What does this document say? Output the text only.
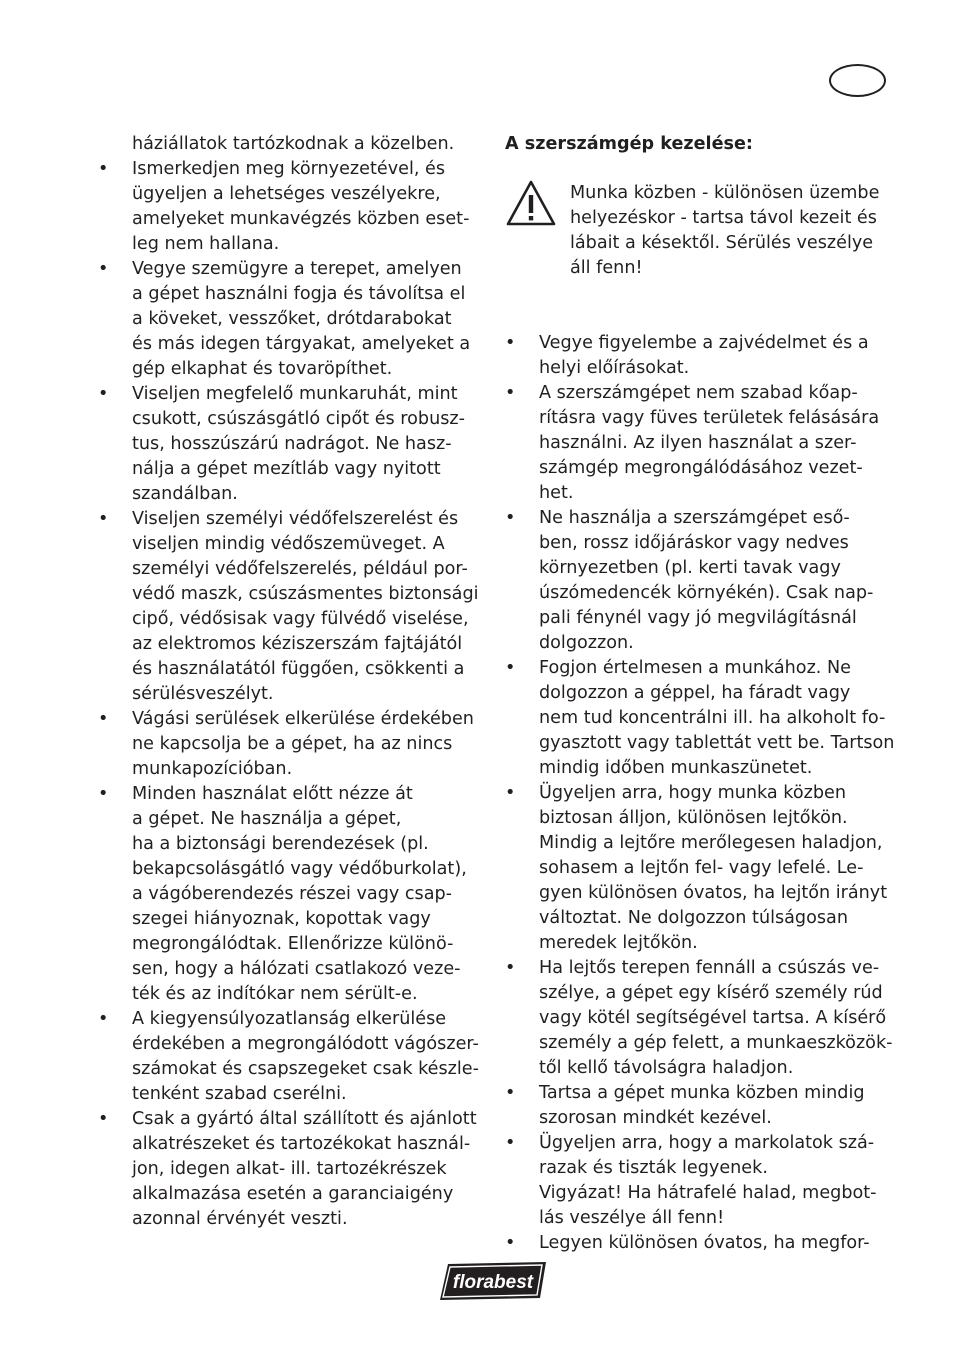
háziállatok tartózkodnak a közelben.
• Ismerkedjen meg környezetével, és
ügyeljen a lehetséges veszélyekre,
amelyeket munkavégzés közben eset-
leg nem hallana.
• Vegye szemügyre a terepet, amelyen
a gépet használni fogja és távolítsa el
a köveket, vesszőket, drótdarabokat
és más idegen tárgyakat, amelyeket a
gép elkaphat és tovaröpíthet.
• Viseljen megfelelő munkaruhát, mint
csukott, csúszásgátló cipőt és robusz-
tus, hosszúszárú nadrágot. Ne hasz-
nálja a gépet mezítláb vagy nyitott
szandálban.
• Viseljen személyi védőfelszerelést és
viseljen mindig védőszemüveget. A
személyi védőfelszerelés, például por-
védő maszk, csúszásmentes biztonsági
cipő, védősisak vagy fülvédő viselése,
az elektromos kéziszerszám fajtájától
és használatától függően, csökkenti a
sérülésveszélyt.
• Vágási serülések elkerülése érdekében
ne kapcsolja be a gépet, ha az nincs
munkapozícióban.
• Minden használat előtt nézze át
a gépet. Ne használja a gépet,
ha a biztonsági berendezések (pl.
bekapcsolásgátló vagy védőburkolat),
a vágóberendezés részei vagy csap-
szegei hiányoznak, kopottak vagy
megrongálódtak. Ellenőrizze különö-
sen, hogy a hálózati csatlakozó veze-
ték és az indítókar nem sérült-e.
• A kiegyensúlyozatlanság elkerülése
érdekében a megrongálódott vágószer-
számokat és csapszegeket csak készle-
tenként szabad cserélni.
• Csak a gyártó által szállított és ajánlott
alkatrészeket és tartozékokat használ-
jon, idegen alkat- ill. tartozékrészek
alkalmazása esetén a garanciaigény
azonnal érvényét veszti.
A szerszámgép kezelése:
Munka közben - különösen üzembe
helyezéskor - tartsa távol kezeit és
lábait a késektől. Sérülés veszélye
áll fenn!
• Vegye figyelembe a zajvédelmet és a
helyi előírásokat.
• A szerszámgépet nem szabad kőap-
rításra vagy füves területek felásására
használni. Az ilyen használat a szer-
számgép megrongálódásához vezet-
het.
• Ne használja a szerszámgépet eső-
ben, rossz időjáráskor vagy nedves
környezetben (pl. kerti tavak vagy
úszómedencék környékén). Csak nap-
pali fénynél vagy jó megvilágításnál
dolgozzon.
• Fogjon értelmesen a munkához. Ne
dolgozzon a géppel, ha fáradt vagy
nem tud koncentrálni ill. ha alkoholt fo-
gyasztott vagy tablettát vett be. Tartson
mindig időben munkaszünetet.
• Ügyeljen arra, hogy munka közben
biztosan álljon, különösen lejtőkön.
Mindig a lejtőre merőlegesen haladjon,
sohasem a lejtőn fel- vagy lefelé. Le-
gyen különösen óvatos, ha lejtőn irányt
változtat. Ne dolgozzon túlságosan
meredek lejtőkön.
• Ha lejtős terepen fennáll a csúszás ve-
szélye, a gépet egy kísérő személy rúd
vagy kötél segítségével tartsa. A kísérő
személy a gép felett, a munkaeszközök-
től kellő távolságra haladjon.
• Tartsa a gépet munka közben mindig
szorosan mindkét kezével.
• Ügyeljen arra, hogy a markolatok szá-
razak és tiszták legyenek.
Vigyázat! Ha hátrafelé halad, megbot-
lás veszélye áll fenn!
• Legyen különösen óvatos, ha megfor-
florabest
